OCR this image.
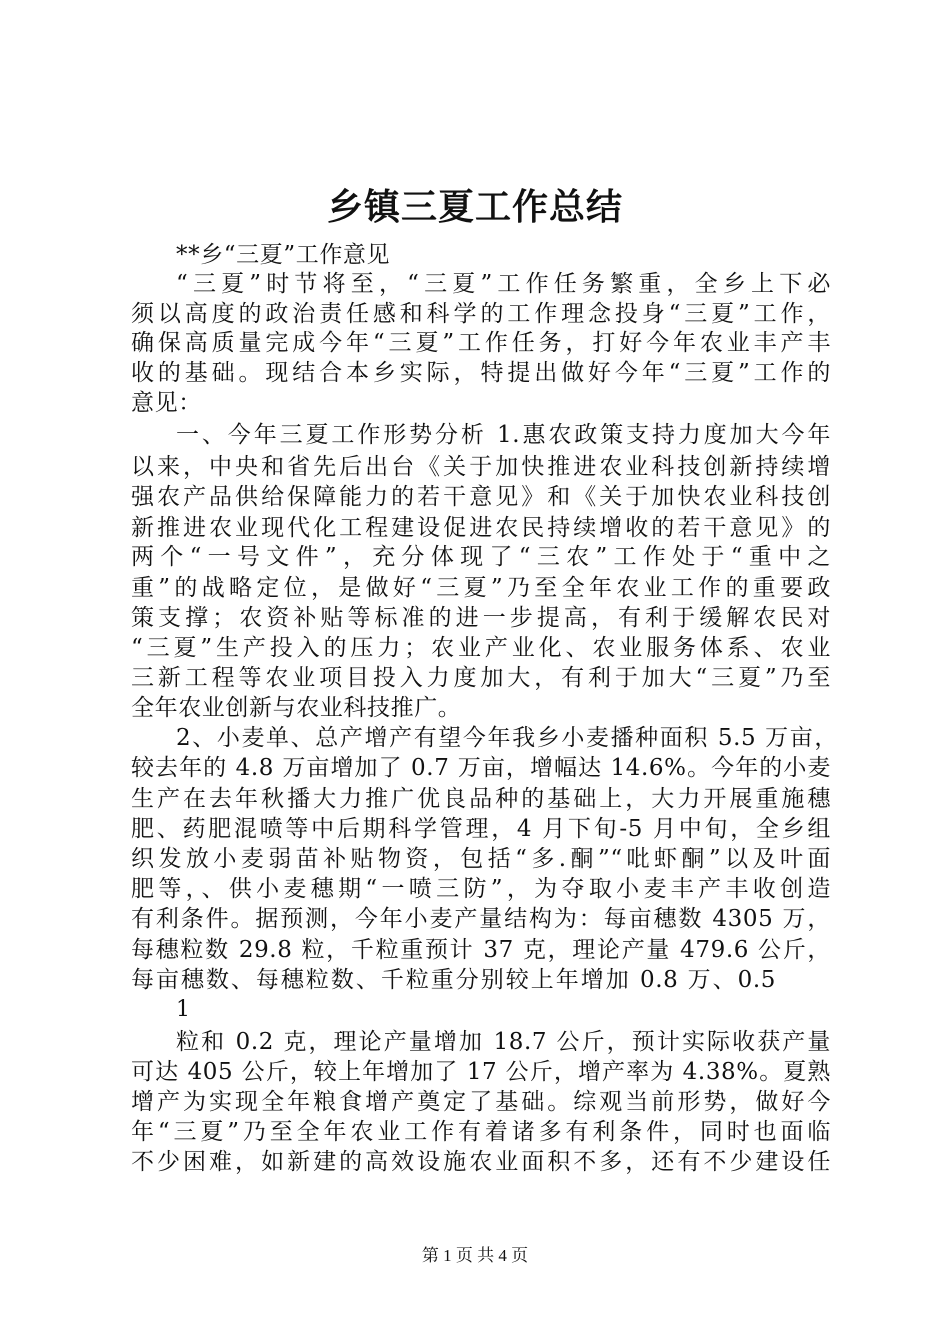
乡镇三夏工作总结
**乡“三夏”工作意见
“三夏”时节将至，“三夏”工作任务繁重，全乡上下必
须以高度的政治责任感和科学的工作理念投身“三夏”工作，
确保高质量完成今年“三夏”工作任务，打好今年农业丰产丰
收的基础。现结合本乡实际，特提出做好今年“三夏”工作的
意见：
一、今年三夏工作形势分析 1.惠农政策支持力度加大今年
以来，中央和省先后出台《关于加快推进农业科技创新持续增
强农产品供给保障能力的若干意见》和《关于加快农业科技创
新推进农业现代化工程建设促进农民持续增收的若干意见》的
两个“一号文件”，充分体现了“三农”工作处于“重中之
重”的战略定位，是做好“三夏”乃至全年农业工作的重要政
策支撑；农资补贴等标准的进一步提高，有利于缓解农民对
“三夏”生产投入的压力；农业产业化、农业服务体系、农业
三新工程等农业项目投入力度加大，有利于加大“三夏”乃至
全年农业创新与农业科技推广。
2、小麦单、总产增产有望今年我乡小麦播种面积 5.5 万亩，
较去年的 4.8 万亩增加了 0.7 万亩，增幅达 14.6%。今年的小麦
生产在去年秋播大力推广优良品种的基础上，大力开展重施穗
肥、药肥混喷等中后期科学管理，4 月下旬-5 月中旬，全乡组
织发放小麦弱苗补贴物资，包括“多.酮”“吡虾酮”以及叶面
肥等，、供小麦穗期“一喷三防”，为夺取小麦丰产丰收创造
有利条件。据预测，今年小麦产量结构为：每亩穗数 4305 万，
每穗粒数 29.8 粒，千粒重预计 37 克，理论产量 479.6 公斤，
每亩穗数、每穗粒数、千粒重分别较上年增加 0.8 万、0.5
1
粒和 0.2 克，理论产量增加 18.7 公斤，预计实际收获产量
可达 405 公斤，较上年增加了 17 公斤，增产率为 4.38%。夏熟
增产为实现全年粮食增产奠定了基础。综观当前形势，做好今
年“三夏”乃至全年农业工作有着诸多有利条件，同时也面临
不少困难，如新建的高效设施农业面积不多，还有不少建设任
第 1 页 共 4 页
